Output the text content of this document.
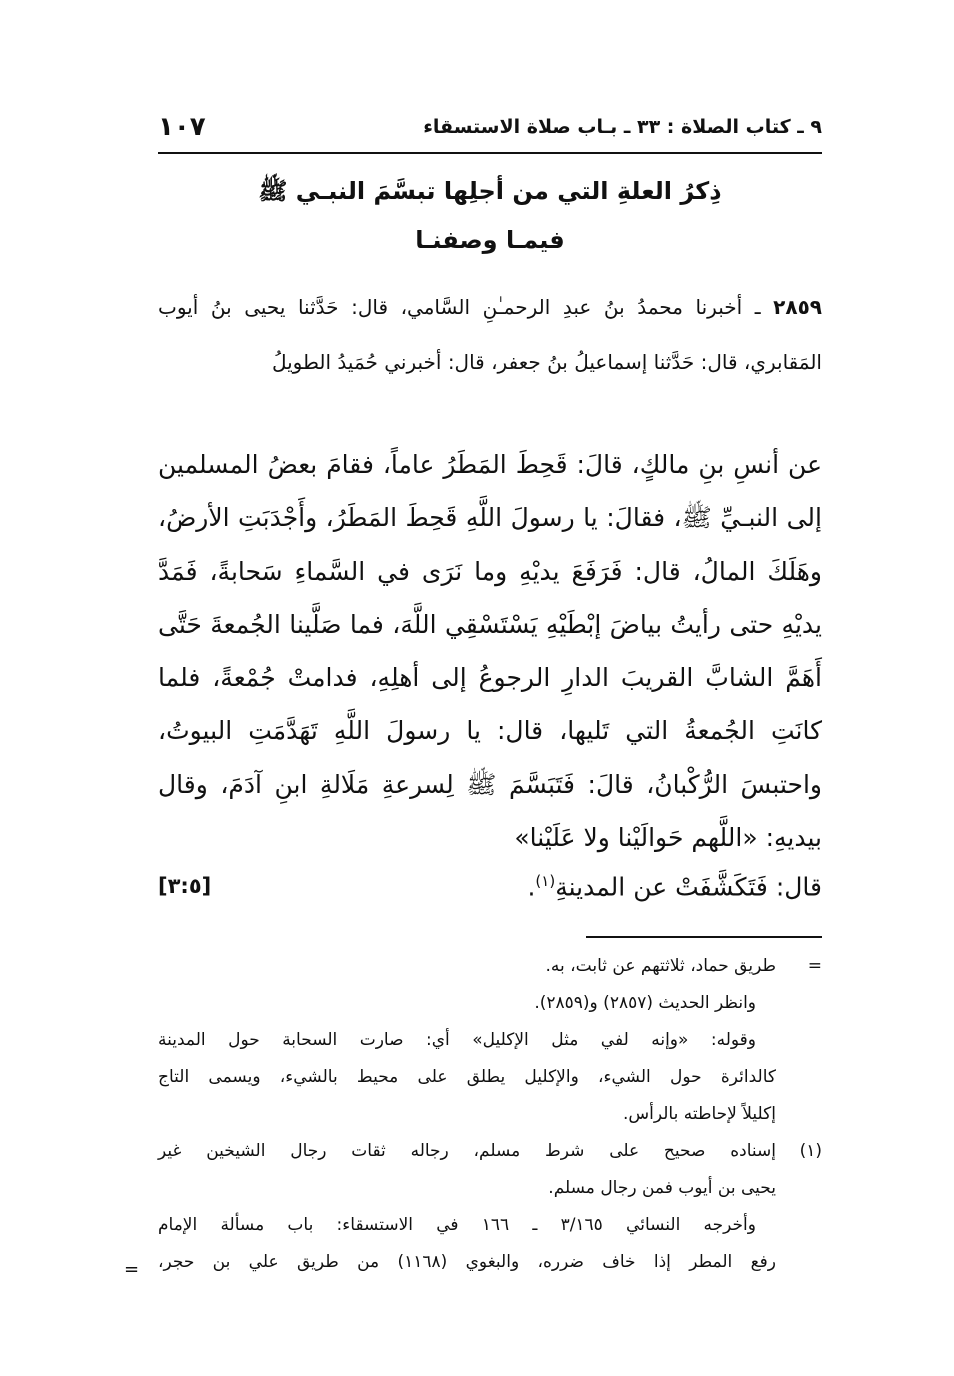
١٠٧	٩ ـ كتاب الصلاة : ٣٣ ـ بـاب صلاة الاستسقاء
ذِكرُ العلةِ التي من أجلِها تبسَّمَ النبـي ﷺ
فيمـا وصفنـا
٢٨٥٩ ـ أخبرنا محمدُ بنُ عبدِ الرحمـٰنِ السَّامي، قال: حَدَّثنا يحيى بنُ أيوب المَقابري، قال: حَدَّثنا إسماعيلُ بنُ جعفر، قال: أخبرني حُمَيدُ الطويلُ
عن أنسِ بنِ مالكٍ، قالَ: قَحِطَ المَطَرُ عاماً، فقامَ بعضُ المسلمين إلى النبـيِّ ﷺ، فقالَ: يا رسولَ اللَّهِ قَحِطَ المَطَرُ، وأَجْدَبَتِ الأرضُ، وهَلَكَ المالُ، قال: فَرَفَعَ يديْهِ وما نَرَى في السَّماءِ سَحابةً، فَمَدَّ يديْهِ حتى رأيتُ بياضَ إبْطَيْهِ يَسْتَسْقِي اللَّهَ، فما صَلَّينا الجُمعةَ حَتَّى أَهَمَّ الشابَّ القريبَ الدارِ الرجوعُ إلى أهلِهِ، فدامتْ جُمْعةً، فلما كانَتِ الجُمعةُ التي تَليها، قال: يا رسولَ اللَّهِ تَهَدَّمَتِ البيوتُ، واحتبسَ الرُّكْبانُ، قالَ: فَتَبَسَّمَ ﷺ لِسرعةِ مَلَالةِ ابنِ آدَمَ، وقال بيديهِ: «اللَّهم حَوالَيْنا ولا عَلَيْنا»
قال: فَتَكَشَّفَتْ عن المدينةِ$^{(١)}$.
[٣:٥]
=
طريق حماد، ثلاثتهم عن ثابت، به.
وانظر الحديث (٢٨٥٧) و(٢٨٥٩).
وقوله: «وإنه لفي مثل الإكليل» أي: صارت السحابة حول المدينة
كالدائرة حول الشيء، والإكليل يطلق على محيط بالشيء، ويسمى التاج
إكليلاً لإحاطته بالرأس.
(١)
إسناده صحيح على شرط مسلم، رجاله ثقات رجال الشيخين غير
يحيى بن أيوب فمن رجال مسلم.
وأخرجه النسائي ٣/١٦٥ ـ ١٦٦ في الاستسقاء: باب مسألة الإمام
رفع المطر إذا خاف ضرره، والبغوي (١١٦٨) من طريق علي بن حجر،
=
